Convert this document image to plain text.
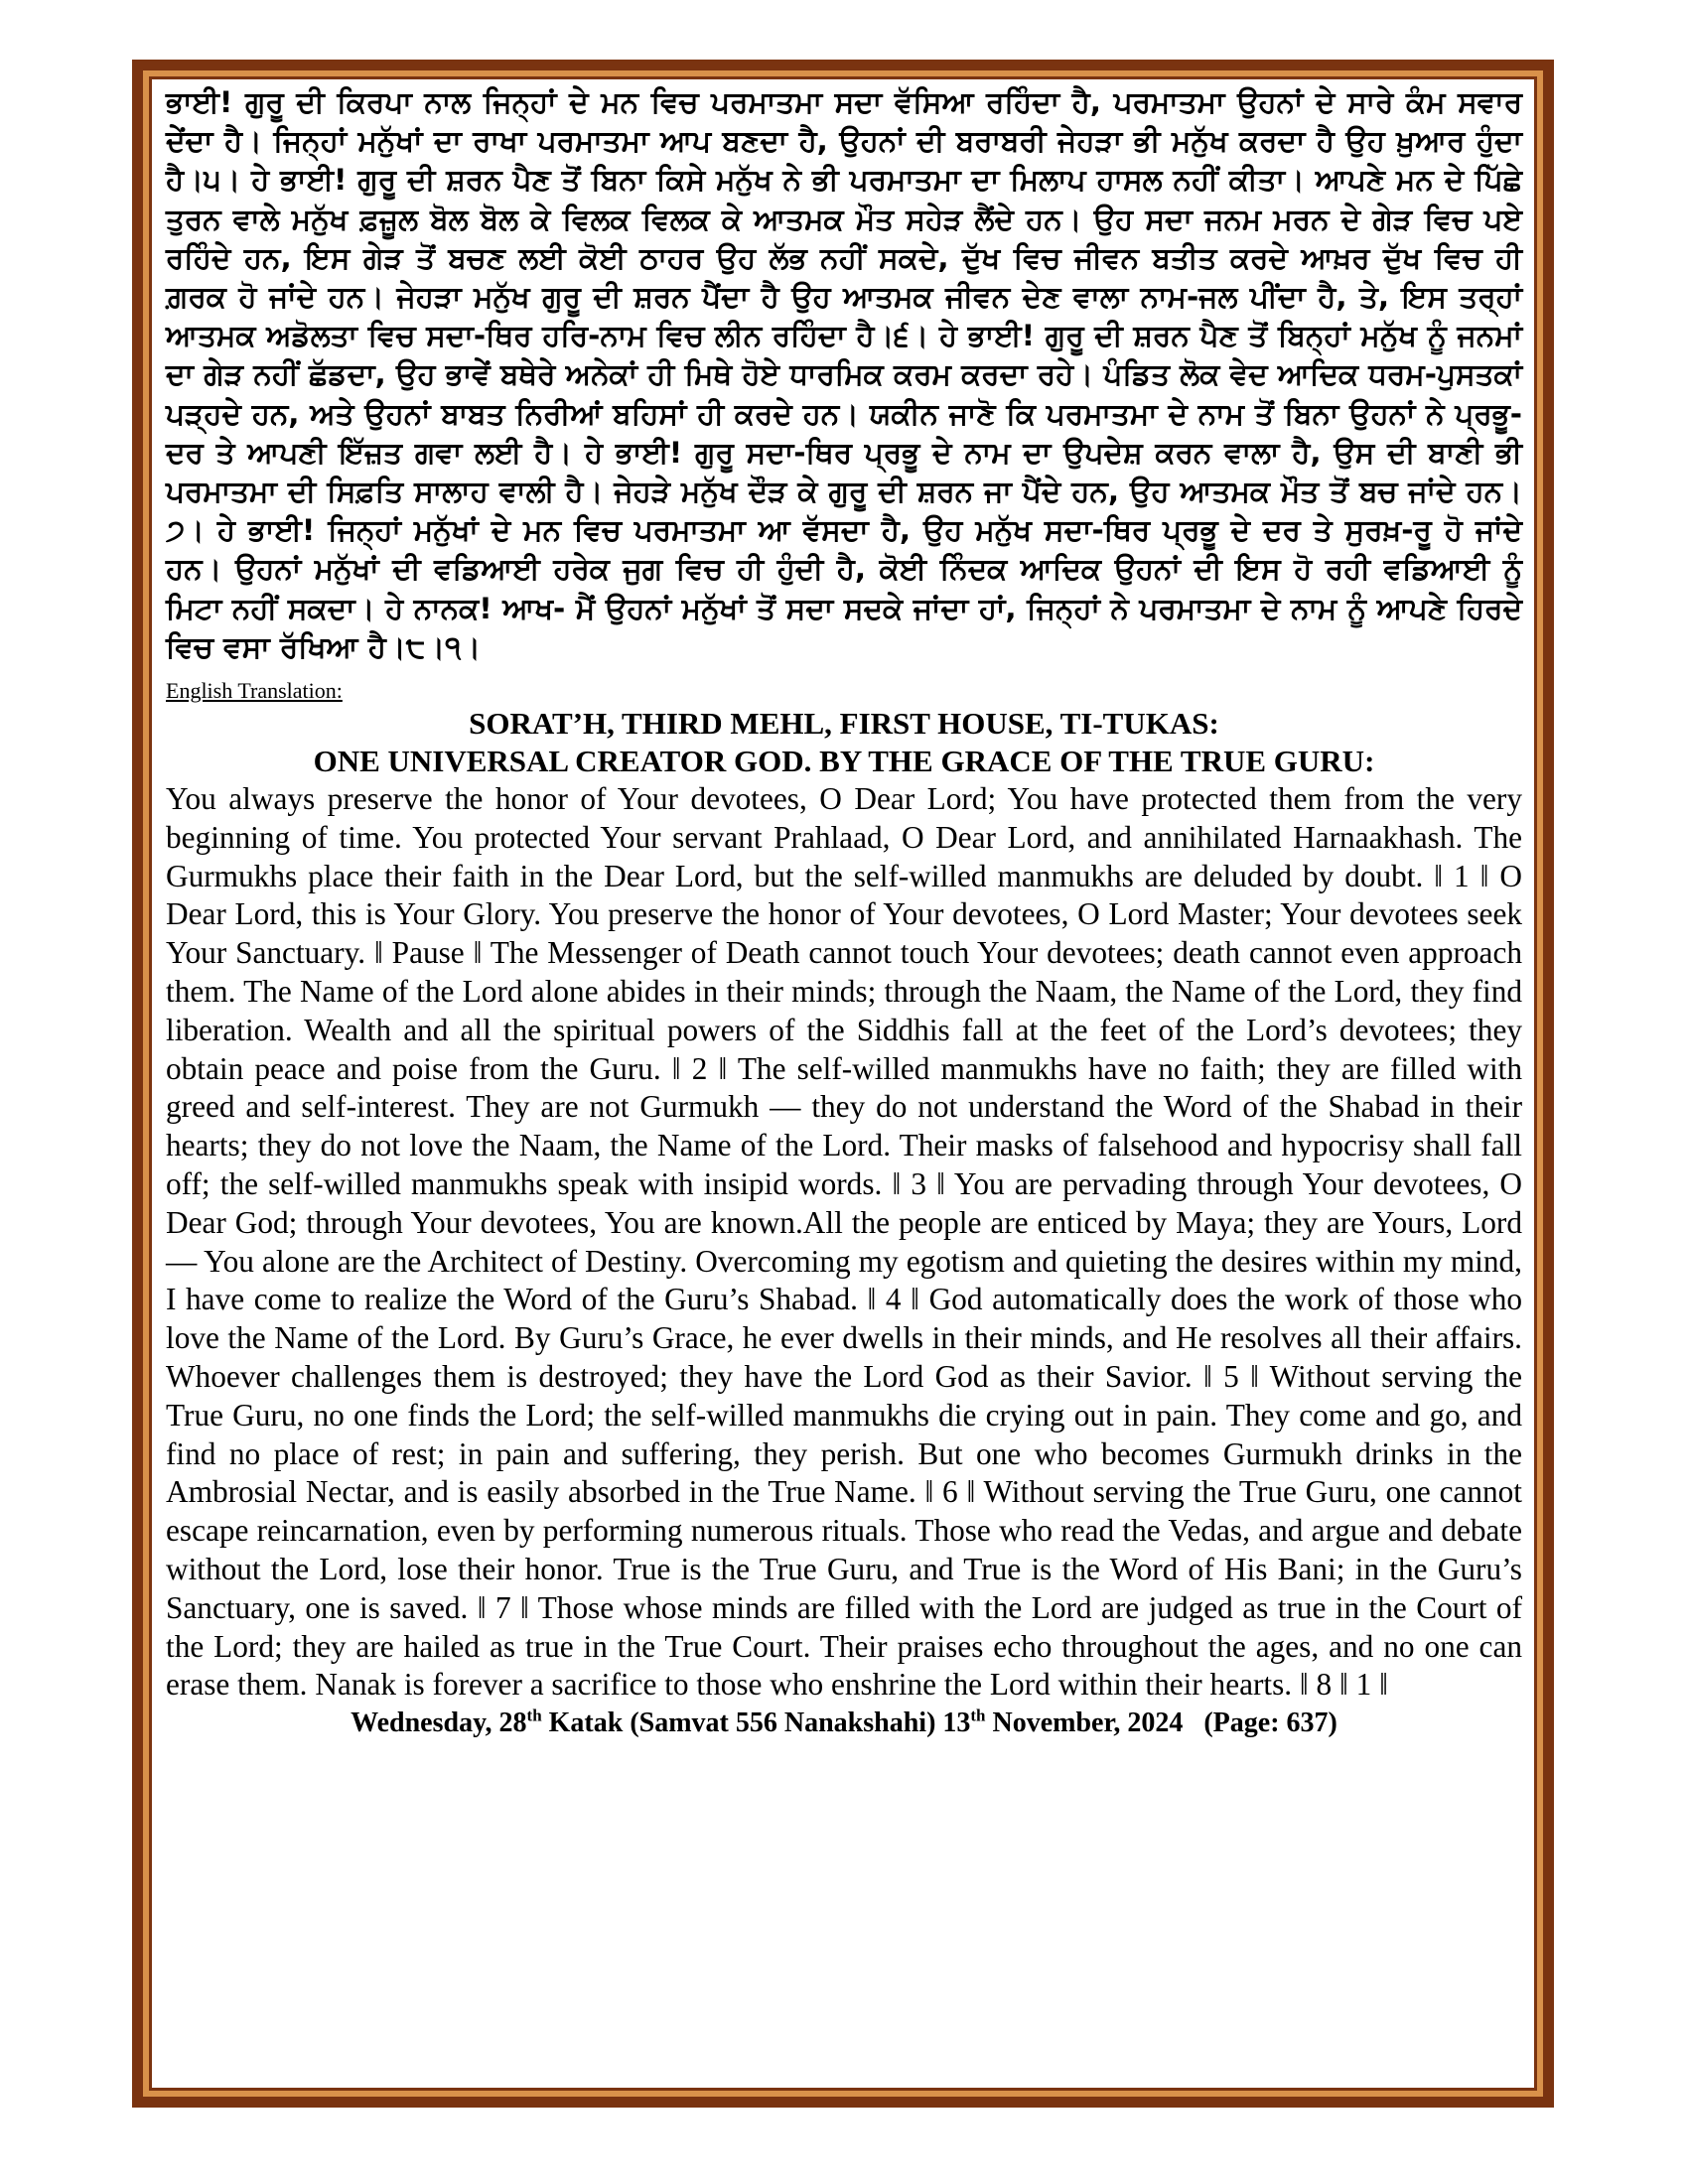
ਭਾਈ! ਗੁਰੂ ਦੀ ਕਿਰਪਾ ਨਾਲ ਜਿਨ੍ਹਾਂ ਦੇ ਮਨ ਵਿਚ ਪਰਮਾਤਮਾ ਸਦਾ ਵੱਸਿਆ ਰਹਿੰਦਾ ਹੈ, ਪਰਮਾਤਮਾ ਉਹਨਾਂ ਦੇ ਸਾਰੇ ਕੰਮ ਸਵਾਰ ਦੇਂਦਾ ਹੈ। ਜਿਨ੍ਹਾਂ ਮਨੁੱਖਾਂ ਦਾ ਰਾਖਾ ਪਰਮਾਤਮਾ ਆਪ ਬਣਦਾ ਹੈ, ਉਹਨਾਂ ਦੀ ਬਰਾਬਰੀ ਜੇਹੜਾ ਭੀ ਮਨੁੱਖ ਕਰਦਾ ਹੈ ਉਹ ਖ਼ੁਆਰ ਹੁੰਦਾ ਹੈ।੫। ਹੇ ਭਾਈ! ਗੁਰੂ ਦੀ ਸ਼ਰਨ ਪੈਣ ਤੋਂ ਬਿਨਾ ਕਿਸੇ ਮਨੁੱਖ ਨੇ ਭੀ ਪਰਮਾਤਮਾ ਦਾ ਮਿਲਾਪ ਹਾਸਲ ਨਹੀਂ ਕੀਤਾ। ਆਪਣੇ ਮਨ ਦੇ ਪਿੱਛੇ ਤੁਰਨ ਵਾਲੇ ਮਨੁੱਖ ਫ਼ਜ਼ੂਲ ਬੋਲ ਬੋਲ ਕੇ ਵਿਲਕ ਵਿਲਕ ਕੇ ਆਤਮਕ ਮੌਤ ਸਹੇੜ ਲੈਂਦੇ ਹਨ। ਉਹ ਸਦਾ ਜਨਮ ਮਰਨ ਦੇ ਗੇੜ ਵਿਚ ਪਏ ਰਹਿੰਦੇ ਹਨ, ਇਸ ਗੇੜ ਤੋਂ ਬਚਣ ਲਈ ਕੋਈ ਠਾਹਰ ਉਹ ਲੱਭ ਨਹੀਂ ਸਕਦੇ, ਦੁੱਖ ਵਿਚ ਜੀਵਨ ਬਤੀਤ ਕਰਦੇ ਆਖ਼ਰ ਦੁੱਖ ਵਿਚ ਹੀ ਗ਼ਰਕ ਹੋ ਜਾਂਦੇ ਹਨ। ਜੇਹੜਾ ਮਨੁੱਖ ਗੁਰੂ ਦੀ ਸ਼ਰਨ ਪੈਂਦਾ ਹੈ ਉਹ ਆਤਮਕ ਜੀਵਨ ਦੇਣ ਵਾਲਾ ਨਾਮ-ਜਲ ਪੀਂਦਾ ਹੈ, ਤੇ, ਇਸ ਤਰ੍ਹਾਂ ਆਤਮਕ ਅਡੋਲਤਾ ਵਿਚ ਸਦਾ-ਥਿਰ ਹਰਿ-ਨਾਮ ਵਿਚ ਲੀਨ ਰਹਿੰਦਾ ਹੈ।੬। ਹੇ ਭਾਈ! ਗੁਰੂ ਦੀ ਸ਼ਰਨ ਪੈਣ ਤੋਂ ਬਿਨ੍ਹਾਂ ਮਨੁੱਖ ਨੂੰ ਜਨਮਾਂ ਦਾ ਗੇੜ ਨਹੀਂ ਛੱਡਦਾ, ਉਹ ਭਾਵੇਂ ਬਥੇਰੇ ਅਨੇਕਾਂ ਹੀ ਮਿਥੇ ਹੋਏ ਧਾਰਮਿਕ ਕਰਮ ਕਰਦਾ ਰਹੇ। ਪੰਡਿਤ ਲੋਕ ਵੇਦ ਆਦਿਕ ਧਰਮ-ਪੁਸਤਕਾਂ ਪੜ੍ਹਦੇ ਹਨ, ਅਤੇ ਉਹਨਾਂ ਬਾਬਤ ਨਿਰੀਆਂ ਬਹਿਸਾਂ ਹੀ ਕਰਦੇ ਹਨ। ਯਕੀਨ ਜਾਣੋ ਕਿ ਪਰਮਾਤਮਾ ਦੇ ਨਾਮ ਤੋਂ ਬਿਨਾ ਉਹਨਾਂ ਨੇ ਪ੍ਰਭੂ-ਦਰ ਤੇ ਆਪਣੀ ਇੱਜ਼ਤ ਗਵਾ ਲਈ ਹੈ। ਹੇ ਭਾਈ! ਗੁਰੂ ਸਦਾ-ਥਿਰ ਪ੍ਰਭੂ ਦੇ ਨਾਮ ਦਾ ਉਪਦੇਸ਼ ਕਰਨ ਵਾਲਾ ਹੈ, ਉਸ ਦੀ ਬਾਣੀ ਭੀ ਪਰਮਾਤਮਾ ਦੀ ਸਿਫ਼ਤਿ ਸਾਲਾਹ ਵਾਲੀ ਹੈ। ਜੇਹੜੇ ਮਨੁੱਖ ਦੌੜ ਕੇ ਗੁਰੂ ਦੀ ਸ਼ਰਨ ਜਾ ਪੈਂਦੇ ਹਨ, ਉਹ ਆਤਮਕ ਮੌਤ ਤੋਂ ਬਚ ਜਾਂਦੇ ਹਨ।੭। ਹੇ ਭਾਈ! ਜਿਨ੍ਹਾਂ ਮਨੁੱਖਾਂ ਦੇ ਮਨ ਵਿਚ ਪਰਮਾਤਮਾ ਆ ਵੱਸਦਾ ਹੈ, ਉਹ ਮਨੁੱਖ ਸਦਾ-ਥਿਰ ਪ੍ਰਭੂ ਦੇ ਦਰ ਤੇ ਸੁਰਖ਼-ਰੂ ਹੋ ਜਾਂਦੇ ਹਨ। ਉਹਨਾਂ ਮਨੁੱਖਾਂ ਦੀ ਵਡਿਆਈ ਹਰੇਕ ਜੁਗ ਵਿਚ ਹੀ ਹੁੰਦੀ ਹੈ, ਕੋਈ ਨਿੰਦਕ ਆਦਿਕ ਉਹਨਾਂ ਦੀ ਇਸ ਹੋ ਰਹੀ ਵਡਿਆਈ ਨੂੰ ਮਿਟਾ ਨਹੀਂ ਸਕਦਾ। ਹੇ ਨਾਨਕ! ਆਖ- ਮੈਂ ਉਹਨਾਂ ਮਨੁੱਖਾਂ ਤੋਂ ਸਦਾ ਸਦਕੇ ਜਾਂਦਾ ਹਾਂ, ਜਿਨ੍ਹਾਂ ਨੇ ਪਰਮਾਤਮਾ ਦੇ ਨਾਮ ਨੂੰ ਆਪਣੇ ਹਿਰਦੇ ਵਿਚ ਵਸਾ ਰੱਖਿਆ ਹੈ।੮।੧।

English Translation:

SORAT’H, THIRD MEHL, FIRST HOUSE, TI-TUKAS:

ONE UNIVERSAL CREATOR GOD. BY THE GRACE OF THE TRUE GURU:

You always preserve the honor of Your devotees, O Dear Lord; You have protected them from the very beginning of time. You protected Your servant Prahlaad, O Dear Lord, and annihilated Harnaakhash. The Gurmukhs place their faith in the Dear Lord, but the self-willed manmukhs are deluded by doubt. ‖ 1 ‖ O Dear Lord, this is Your Glory. You preserve the honor of Your devotees, O Lord Master; Your devotees seek Your Sanctuary. ‖ Pause ‖ The Messenger of Death cannot touch Your devotees; death cannot even approach them. The Name of the Lord alone abides in their minds; through the Naam, the Name of the Lord, they find liberation. Wealth and all the spiritual powers of the Siddhis fall at the feet of the Lord’s devotees; they obtain peace and poise from the Guru. ‖ 2 ‖ The self-willed manmukhs have no faith; they are filled with greed and self-interest. They are not Gurmukh — they do not understand the Word of the Shabad in their hearts; they do not love the Naam, the Name of the Lord. Their masks of falsehood and hypocrisy shall fall off; the self-willed manmukhs speak with insipid words. ‖ 3 ‖ You are pervading through Your devotees, O Dear God; through Your devotees, You are known.All the people are enticed by Maya; they are Yours, Lord — You alone are the Architect of Destiny. Overcoming my egotism and quieting the desires within my mind, I have come to realize the Word of the Guru’s Shabad. ‖ 4 ‖ God automatically does the work of those who love the Name of the Lord. By Guru’s Grace, he ever dwells in their minds, and He resolves all their affairs. Whoever challenges them is destroyed; they have the Lord God as their Savior. ‖ 5 ‖ Without serving the True Guru, no one finds the Lord; the self-willed manmukhs die crying out in pain. They come and go, and find no place of rest; in pain and suffering, they perish. But one who becomes Gurmukh drinks in the Ambrosial Nectar, and is easily absorbed in the True Name. ‖ 6 ‖ Without serving the True Guru, one cannot escape reincarnation, even by performing numerous rituals. Those who read the Vedas, and argue and debate without the Lord, lose their honor. True is the True Guru, and True is the Word of His Bani; in the Guru’s Sanctuary, one is saved. ‖ 7 ‖ Those whose minds are filled with the Lord are judged as true in the Court of the Lord; they are hailed as true in the True Court. Their praises echo throughout the ages, and no one can erase them. Nanak is forever a sacrifice to those who enshrine the Lord within their hearts. ‖ 8 ‖ 1 ‖

Wednesday, 28th Katak (Samvat 556 Nanakshahi) 13th November, 2024   (Page: 637)
